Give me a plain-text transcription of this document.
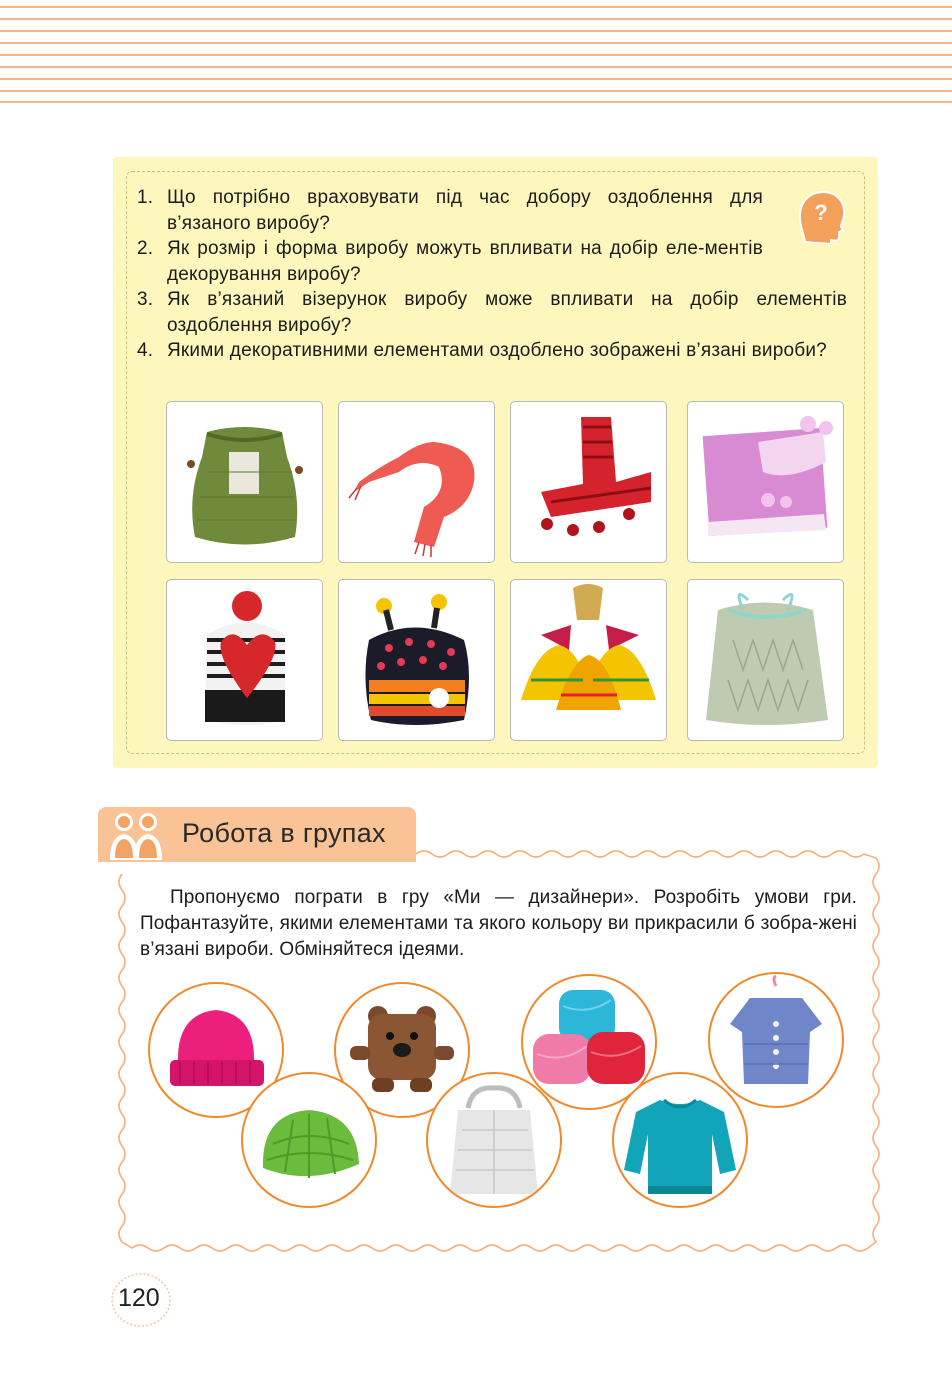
?
1. Що потрібно враховувати під час добору оздоблення для в’язаного виробу?
2. Як розмір і форма виробу можуть впливати на добір еле-ментів декорування виробу?
3. Як в’язаний візерунок виробу може впливати на добір елементів оздоблення виробу?
4. Якими декоративними елементами оздоблено зображені в’язані вироби?
Робота в групах

Пропонуємо пограти в гру «Ми — дизайнери». Розробіть умови гри. Пофантазуйте, якими елементами та якого кольору ви прикрасили б зобра-жені в’язані вироби. Обміняйтеся ідеями.

120
